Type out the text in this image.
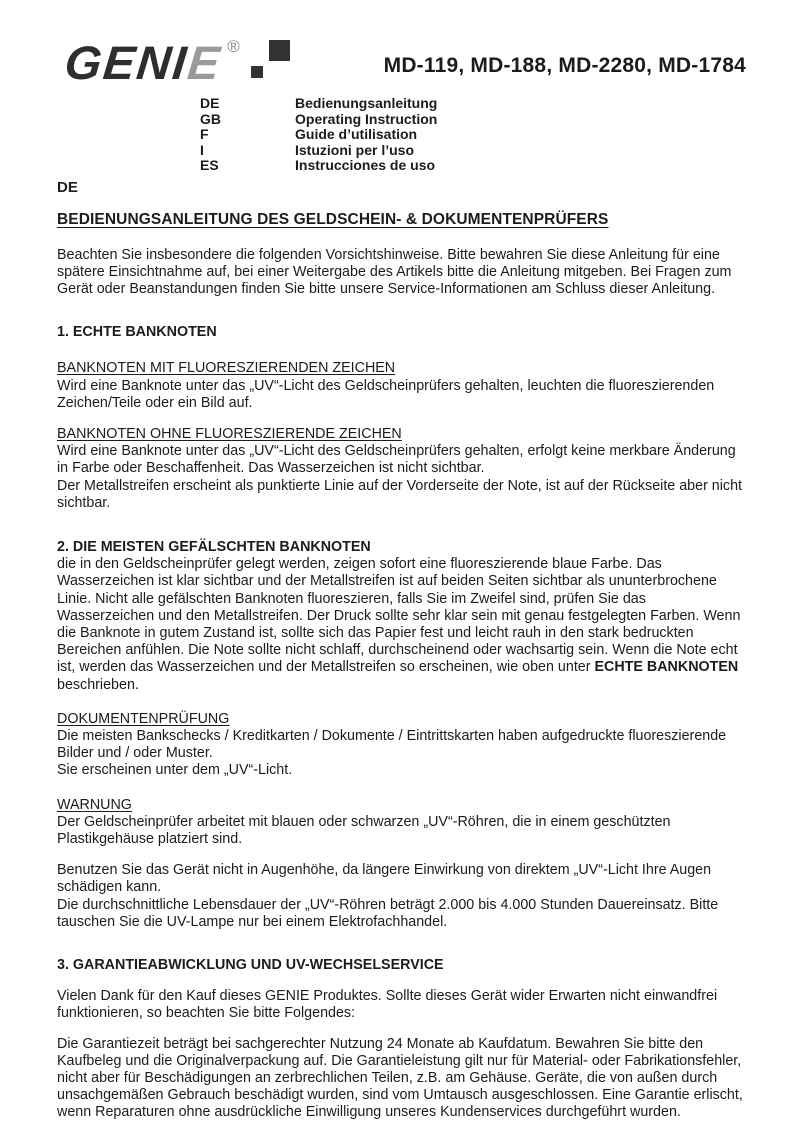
GENIE ®
MD-119, MD-188, MD-2280, MD-1784
DE	Bedienungsanleitung
GB	Operating Instruction
F	Guide d’utilisation
I	Istuzioni per l’uso
ES	Instrucciones de uso
DE
BEDIENUNGSANLEITUNG DES GELDSCHEIN- & DOKUMENTENPRÜFERS

Beachten Sie insbesondere die folgenden Vorsichtshinweise. Bitte bewahren Sie diese Anleitung für eine spätere Einsichtnahme auf, bei einer Weitergabe des Artikels bitte die Anleitung mitgeben. Bei Fragen zum Gerät oder Beanstandungen finden Sie bitte unsere Service-Informationen am Schluss dieser Anleitung.

1. ECHTE BANKNOTEN
BANKNOTEN MIT FLUORESZIERENDEN ZEICHEN

Wird eine Banknote unter das „UV“-Licht des Geldscheinprüfers gehalten, leuchten die fluoreszierenden Zeichen/Teile oder ein Bild auf.

BANKNOTEN OHNE FLUORESZIERENDE ZEICHEN

Wird eine Banknote unter das „UV“-Licht des Geldscheinprüfers gehalten, erfolgt keine merkbare Änderung in Farbe oder Beschaffenheit. Das Wasserzeichen ist nicht sichtbar.

Der Metallstreifen erscheint als punktierte Linie auf der Vorderseite der Note, ist auf der Rückseite aber nicht sichtbar.

2. DIE MEISTEN GEFÄLSCHTEN BANKNOTEN

die in den Geldscheinprüfer gelegt werden, zeigen sofort eine fluoreszierende blaue Farbe. Das Wasserzeichen ist klar sichtbar und der Metallstreifen ist auf beiden Seiten sichtbar als ununterbrochene Linie. Nicht alle gefälschten Banknoten fluoreszieren, falls Sie im Zweifel sind, prüfen Sie das Wasserzeichen und den Metallstreifen. Der Druck sollte sehr klar sein mit genau festgelegten Farben. Wenn die Banknote in gutem Zustand ist, sollte sich das Papier fest und leicht rauh in den stark bedruckten Bereichen anfühlen. Die Note sollte nicht schlaff, durchscheinend oder wachsartig sein. Wenn die Note echt ist, werden das Wasserzeichen und der Metallstreifen so erscheinen, wie oben unter ECHTE BANKNOTEN beschrieben.

DOKUMENTENPRÜFUNG

Die meisten Bankschecks / Kreditkarten / Dokumente / Eintrittskarten haben aufgedruckte fluoreszierende Bilder und / oder Muster.

Sie erscheinen unter dem „UV“-Licht.

WARNUNG

Der Geldscheinprüfer arbeitet mit blauen oder schwarzen „UV“-Röhren, die in einem geschützten Plastikgehäuse platziert sind.

Benutzen Sie das Gerät nicht in Augenhöhe, da längere Einwirkung von direktem „UV“-Licht Ihre Augen schädigen kann.

Die durchschnittliche Lebensdauer der „UV“-Röhren beträgt 2.000 bis 4.000 Stunden Dauereinsatz. Bitte tauschen Sie die UV-Lampe nur bei einem Elektrofachhandel.

3. GARANTIEABWICKLUNG UND UV-WECHSELSERVICE

Vielen Dank für den Kauf dieses GENIE Produktes. Sollte dieses Gerät wider Erwarten nicht einwandfrei funktionieren, so beachten Sie bitte Folgendes:

Die Garantiezeit beträgt bei sachgerechter Nutzung 24 Monate ab Kaufdatum. Bewahren Sie bitte den Kaufbeleg und die Originalverpackung auf. Die Garantieleistung gilt nur für Material- oder Fabrikationsfehler, nicht aber für Beschädigungen an zerbrechlichen Teilen, z.B. am Gehäuse. Geräte, die von außen durch unsachgemäßen Gebrauch beschädigt wurden, sind vom Umtausch ausgeschlossen. Eine Garantie erlischt, wenn Reparaturen ohne ausdrückliche Einwilligung unseres Kundenservices durchgeführt wurden.
